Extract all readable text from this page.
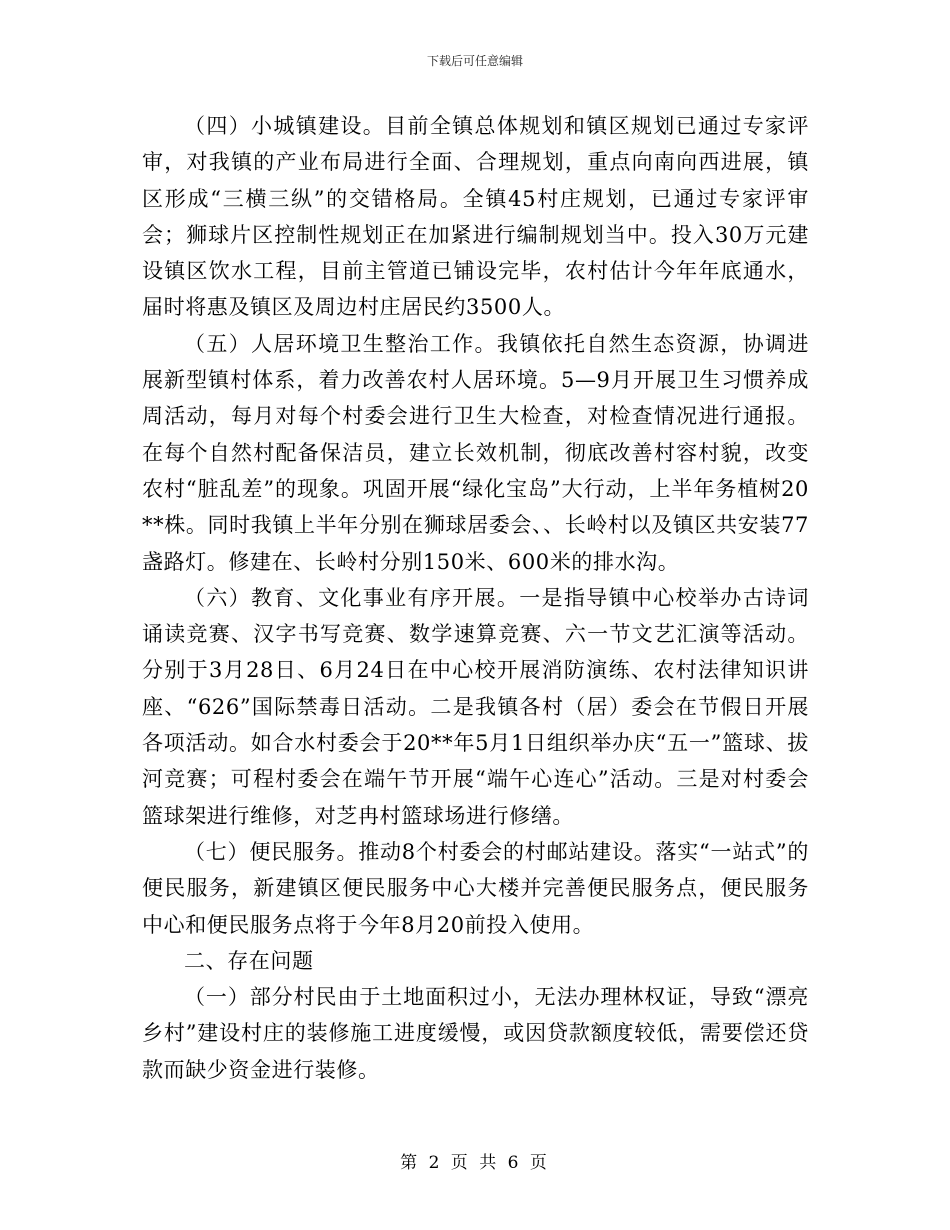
下载后可任意编辑

（四）小城镇建设。目前全镇总体规划和镇区规划已通过专家评审，对我镇的产业布局进行全面、合理规划，重点向南向西进展，镇区形成“三横三纵”的交错格局。全镇45村庄规划，已通过专家评审会；狮球片区控制性规划正在加紧进行编制规划当中。投入30万元建设镇区饮水工程，目前主管道已铺设完毕，农村估计今年年底通水，届时将惠及镇区及周边村庄居民约3500人。

（五）人居环境卫生整治工作。我镇依托自然生态资源，协调进展新型镇村体系，着力改善农村人居环境。5—9月开展卫生习惯养成周活动，每月对每个村委会进行卫生大检查，对检查情况进行通报。在每个自然村配备保洁员，建立长效机制，彻底改善村容村貌，改变农村“脏乱差”的现象。巩固开展“绿化宝岛”大行动，上半年务植树20**株。同时我镇上半年分别在狮球居委会、、长岭村以及镇区共安装77盏路灯。修建在、长岭村分别150米、600米的排水沟。

（六）教育、文化事业有序开展。一是指导镇中心校举办古诗词诵读竞赛、汉字书写竞赛、数学速算竞赛、六一节文艺汇演等活动。分别于3月28日、6月24日在中心校开展消防演练、农村法律知识讲座、“626”国际禁毒日活动。二是我镇各村（居）委会在节假日开展各项活动。如合水村委会于20**年5月1日组织举办庆“五一”篮球、拔河竞赛；可程村委会在端午节开展“端午心连心”活动。三是对村委会篮球架进行维修，对芝冉村篮球场进行修缮。

（七）便民服务。推动8个村委会的村邮站建设。落实“一站式”的便民服务，新建镇区便民服务中心大楼并完善便民服务点，便民服务中心和便民服务点将于今年8月20前投入使用。

二、存在问题

（一）部分村民由于土地面积过小，无法办理林权证，导致“漂亮乡村”建设村庄的装修施工进度缓慢，或因贷款额度较低，需要偿还贷款而缺少资金进行装修。

第 2 页 共 6 页
